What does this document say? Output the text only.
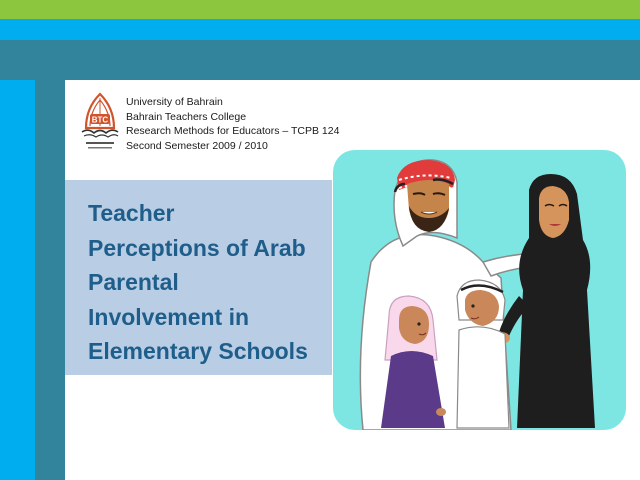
BTC
University of Bahrain
Bahrain Teachers College
Research Methods for Educators – TCPB 124
Second Semester 2009 / 2010
Teacher
Perceptions of Arab
Parental
Involvement in
Elementary Schools
